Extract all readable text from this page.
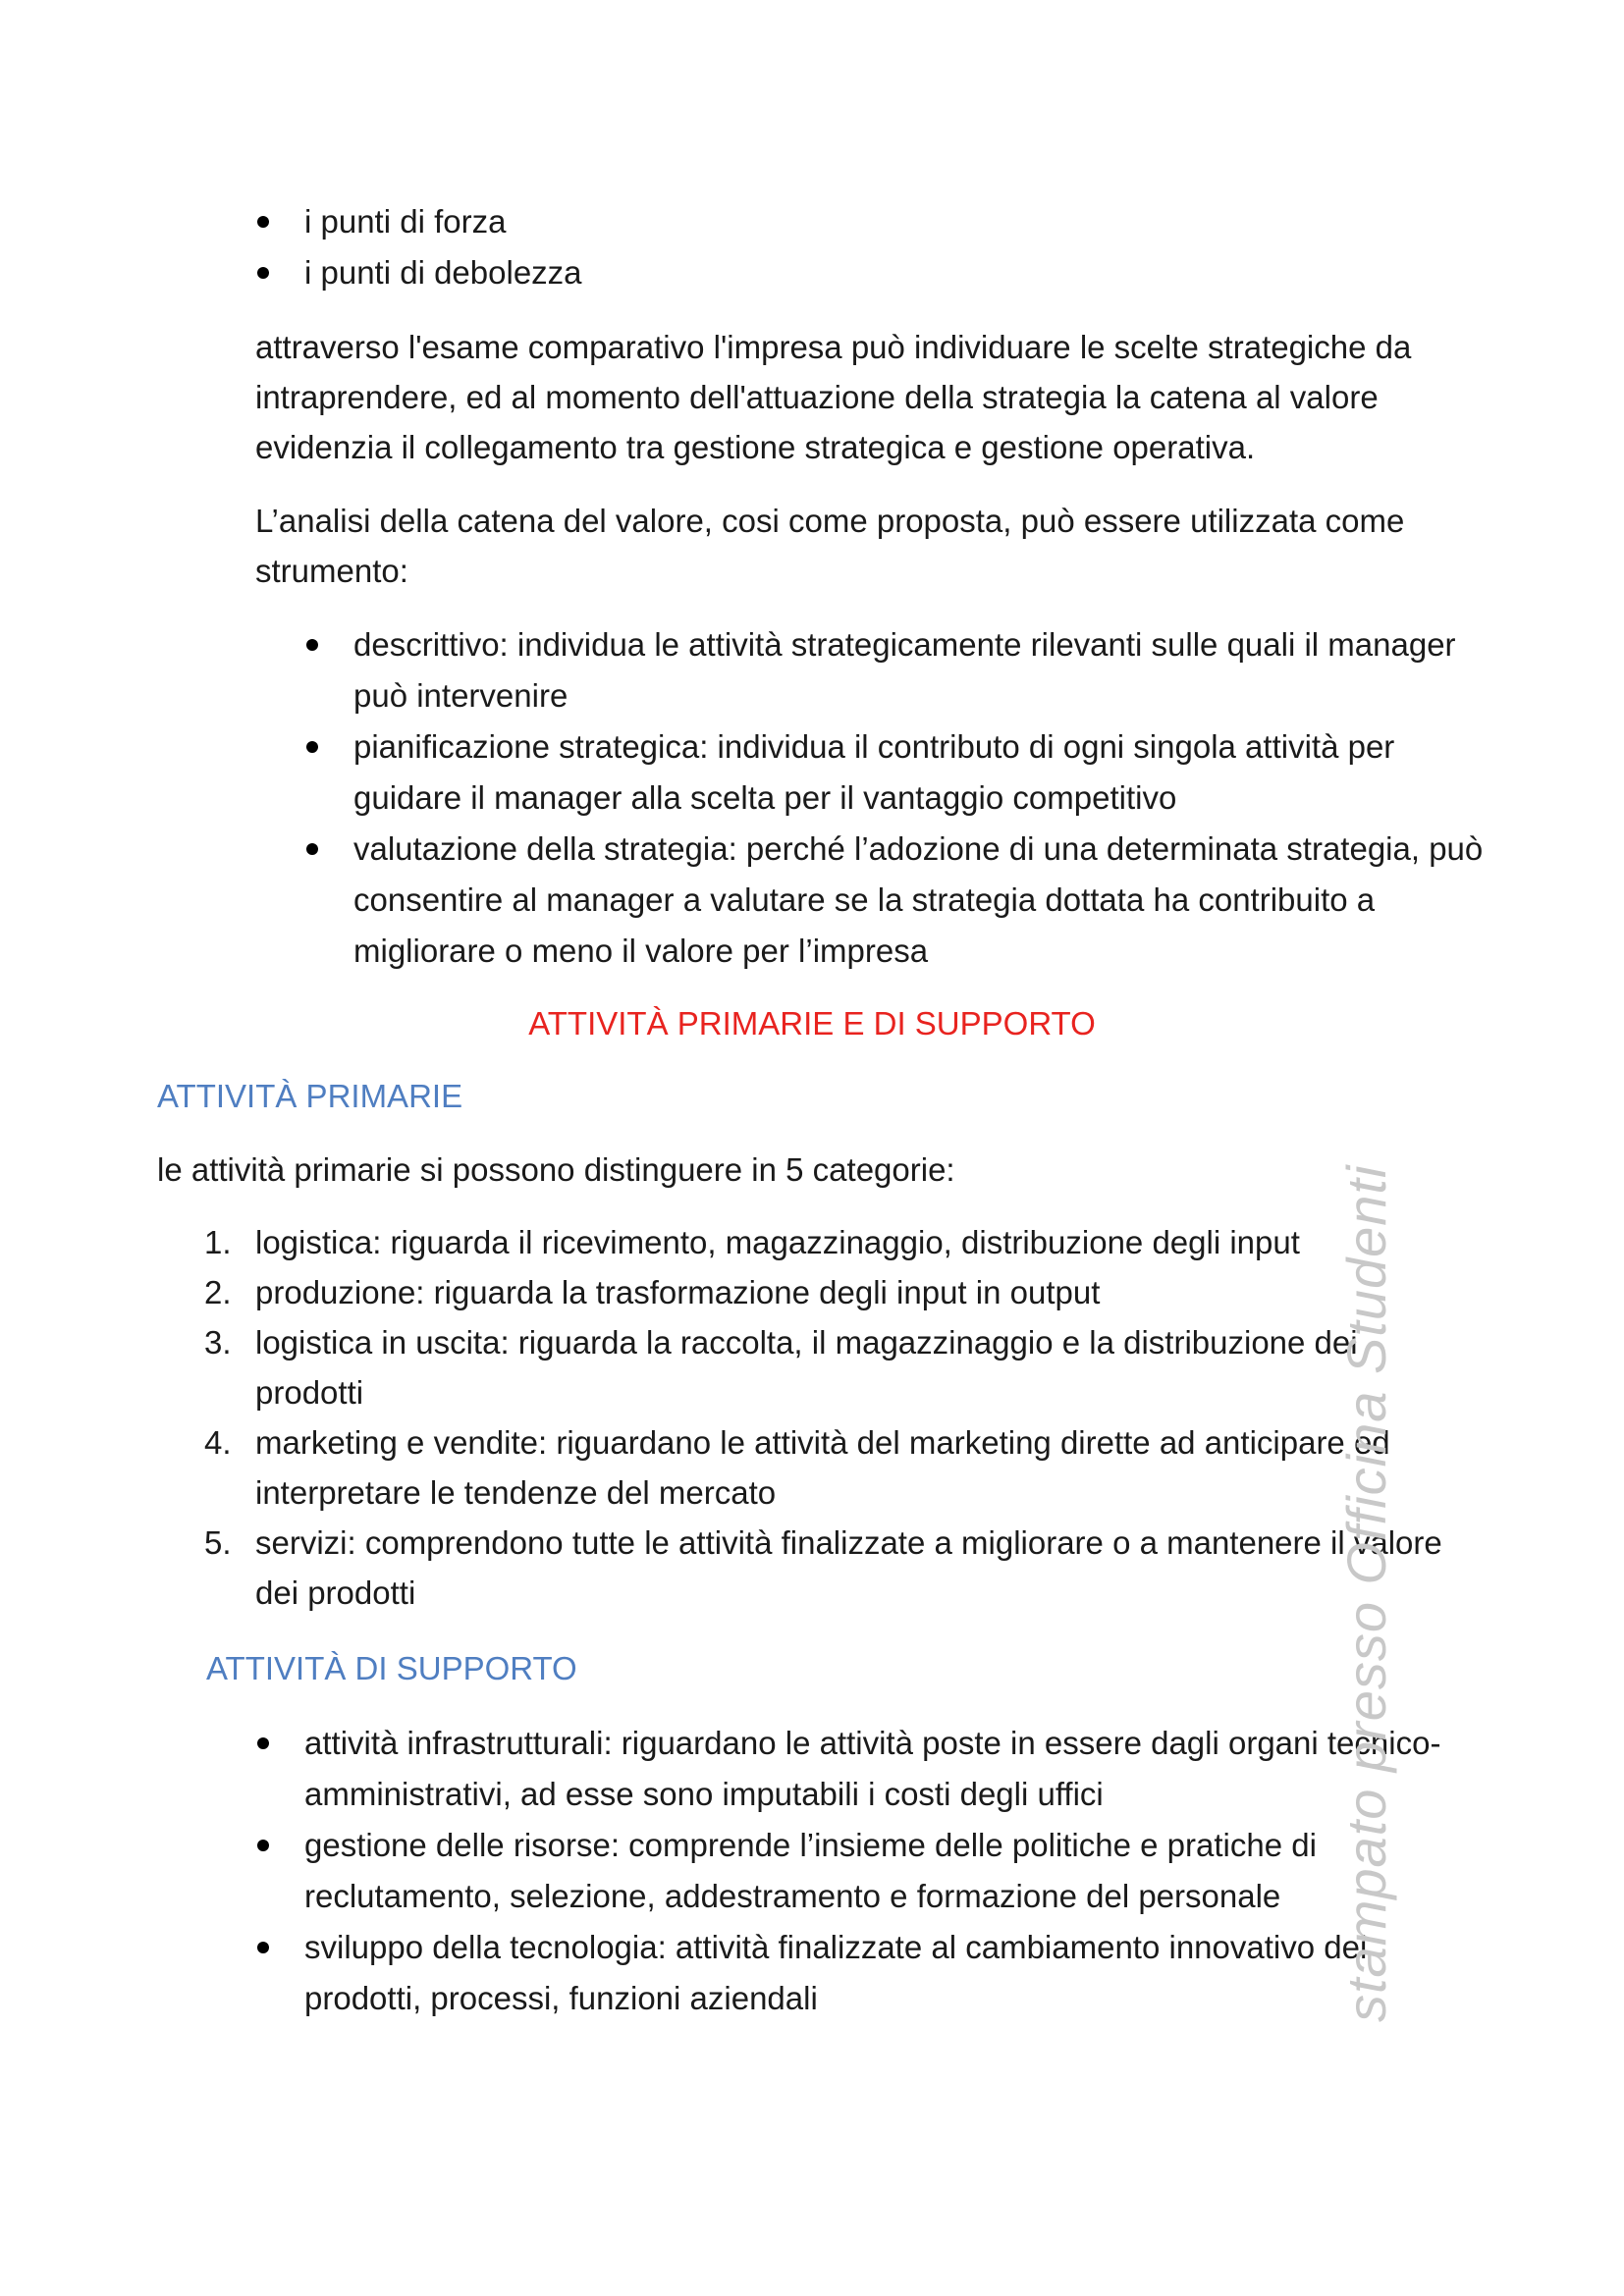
i punti di forza
i punti di debolezza

attraverso l'esame comparativo l'impresa può individuare le scelte strategiche da intraprendere, ed al momento dell'attuazione della strategia la catena al valore evidenzia il collegamento tra gestione strategica e gestione operativa.

L’analisi della catena del valore, cosi come proposta, può essere utilizzata come strumento:

descrittivo: individua le attività strategicamente rilevanti sulle quali il manager può intervenire
pianificazione strategica: individua il contributo di ogni singola attività per guidare il manager alla scelta per il vantaggio competitivo
valutazione della strategia: perché l’adozione di una determinata strategia, può consentire al manager a valutare se la strategia dottata ha contribuito a migliorare o meno il valore per l’impresa
ATTIVITÀ PRIMARIE E DI SUPPORTO
ATTIVITÀ PRIMARIE

le attività primarie si possono distinguere in 5 categorie:

1. logistica: riguarda il ricevimento, magazzinaggio, distribuzione degli input
2. produzione: riguarda la trasformazione degli input in output
3. logistica in uscita: riguarda la raccolta, il magazzinaggio e la distribuzione dei prodotti
4. marketing e vendite: riguardano le attività del marketing dirette ad anticipare ed interpretare le tendenze del mercato
5. servizi: comprendono tutte le attività finalizzate a migliorare o a mantenere il valore dei prodotti
ATTIVITÀ DI SUPPORTO
attività infrastrutturali: riguardano le attività poste in essere dagli organi tecnico-amministrativi, ad esse sono imputabili i costi degli uffici
gestione delle risorse: comprende l’insieme delle politiche e pratiche di reclutamento, selezione, addestramento e formazione del personale
sviluppo della tecnologia: attività finalizzate al cambiamento innovativo dei prodotti, processi, funzioni aziendali	stampato presso Officina Studenti
